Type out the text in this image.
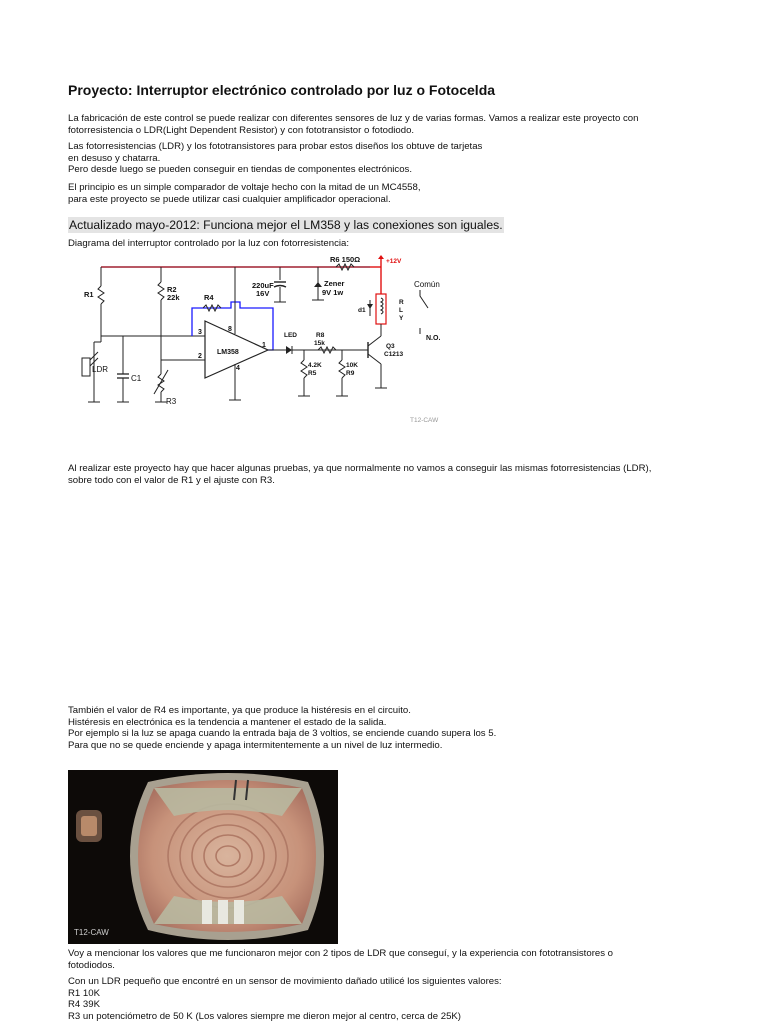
Proyecto: Interruptor electrónico controlado por luz o Fotocelda
La fabricación de este control se puede realizar con diferentes sensores de luz y de varias formas. Vamos a realizar este proyecto con
fotorresistencia o LDR(Light Dependent Resistor) y con fototransistor o fotodiodo.
Las fotorresistencias (LDR) y los fototransistores para probar estos diseños los obtuve de tarjetas
en desuso y chatarra.
Pero desde luego se pueden conseguir en tiendas de componentes electrónicos.
El principio es un simple comparador de voltaje hecho con la mitad de un MC4558,
para este proyecto se puede utilizar casi cualquier amplificador operacional.
Actualizado mayo-2012: Funciona mejor el LM358 y las conexiones son iguales.
Diagrama del interruptor controlado por la luz con fotorresistencia:
R6 150Ω	+12V
R1
R2
22k	R4
LM358
3	8
2
1
4
220uF
16V
Zener
9V 1w
d1
R
L
Y
Común
N.O.
LED	R8
15k
4.2K
R5
10K
R9
Q3
C1213
LDR
C1
R3
T12-CAW
Al realizar este proyecto hay que hacer algunas pruebas, ya que normalmente no vamos a conseguir las mismas fotorresistencias (LDR),
sobre todo con el valor de R1 y el ajuste con R3.
También el valor de R4 es importante, ya que produce la histéresis en el circuito.
Histéresis en electrónica es la tendencia a mantener el estado de la salida.
Por ejemplo si la luz se apaga cuando la entrada baja de 3 voltios, se enciende cuando supera los 5.
Para que no se quede enciende y apaga intermitentemente a un nivel de luz intermedio.
T12-CAW
Voy a mencionar los valores que me funcionaron mejor con 2 tipos de LDR que conseguí, y la experiencia con fototransistores o
fotodiodos.
Con un LDR pequeño que encontré en un sensor de movimiento dañado utilicé los siguientes valores:
R1 10K
R4 39K
R3 un potenciómetro de 50 K (Los valores siempre me dieron mejor al centro, cerca de 25K)
